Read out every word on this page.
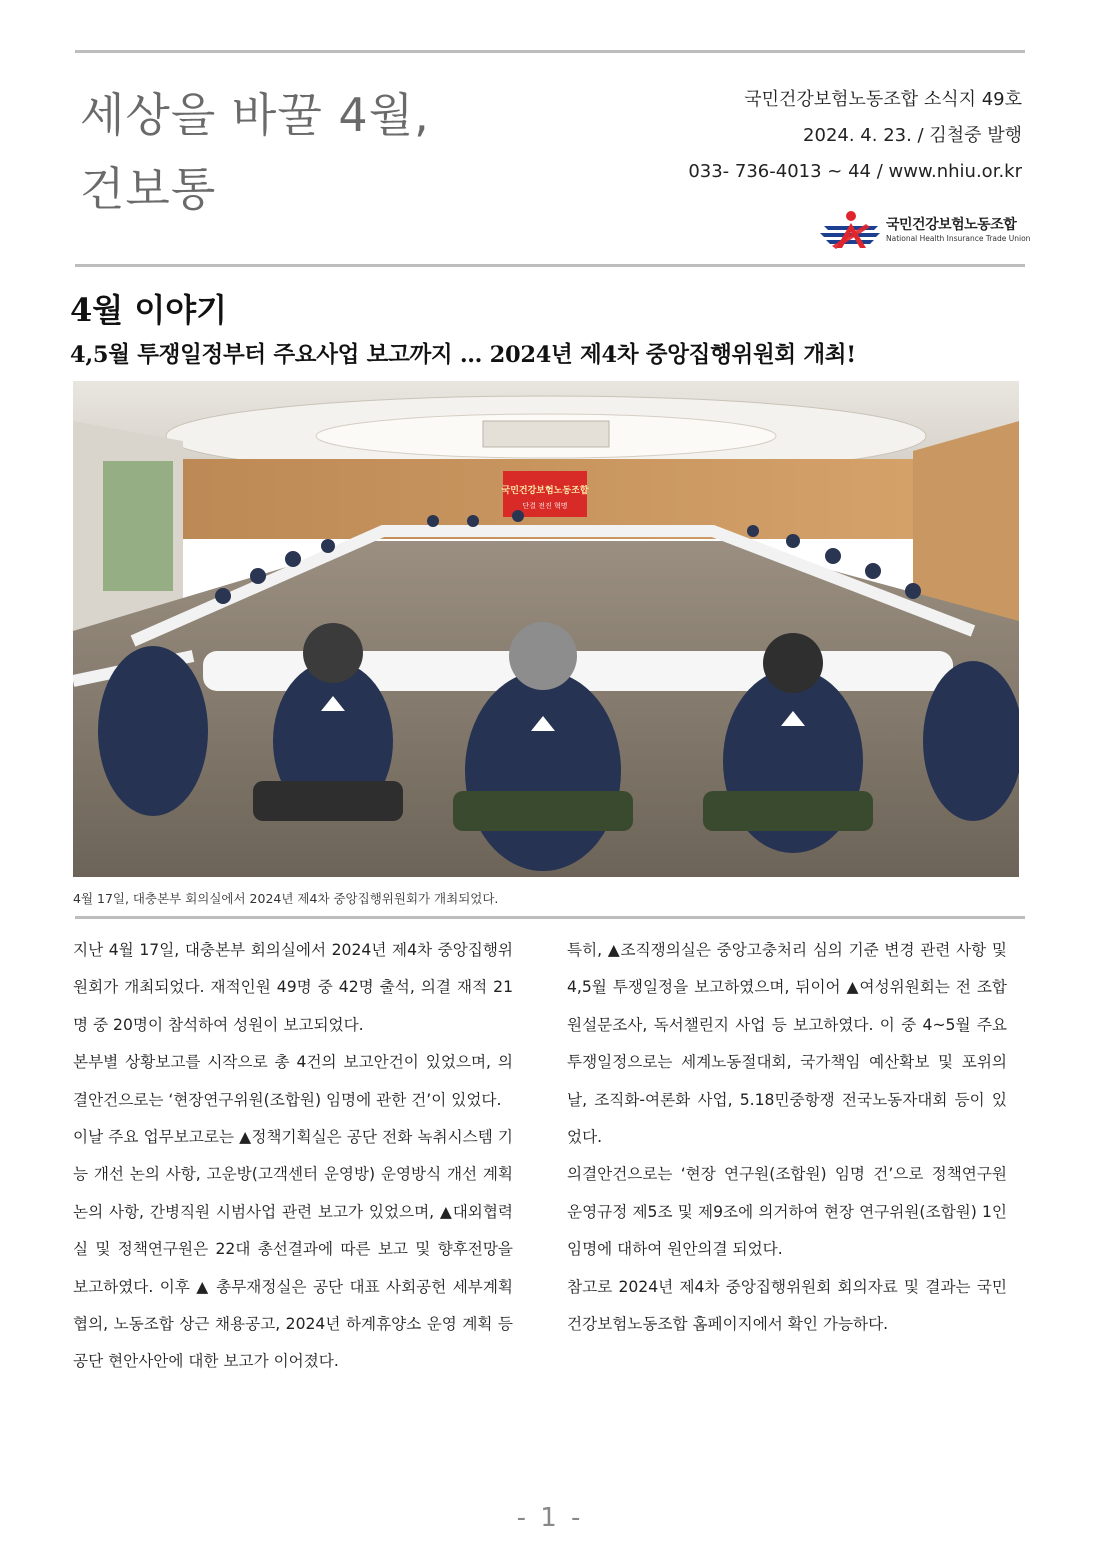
세상을 바꿀 4월,
건보통
국민건강보험노동조합 소식지 49호
2024. 4. 23. / 김철중 발행
033- 736-4013 ~ 44 / www.nhiu.or.kr
국민건강보험노동조합
National Health Insurance Trade Union
4월 이야기
4,5월 투쟁일정부터 주요사업 보고까지 … 2024년 제4차 중앙집행위원회 개최!
국민건강보험노동조합
단결 전진 혁명
4월 17일, 대충본부 회의실에서 2024년 제4차 중앙집행위원회가 개최되었다.

지난 4월 17일, 대충본부 회의실에서 2024년 제4차 중앙집행위원회가 개최되었다. 재적인원 49명 중 42명 출석, 의결 재적 21명 중 20명이 참석하여 성원이 보고되었다.

본부별 상황보고를 시작으로 총 4건의 보고안건이 있었으며, 의결안건으로는 ‘현장연구위원(조합원) 임명에 관한 건’이 있었다.

이날 주요 업무보고로는 ▲정책기획실은 공단 전화 녹취시스템 기능 개선 논의 사항, 고운방(고객센터 운영방) 운영방식 개선 계획 논의 사항, 간병직원 시범사업 관련 보고가 있었으며, ▲대외협력실 및 정책연구원은 22대 총선결과에 따른 보고 및 향후전망을 보고하였다. 이후 ▲ 총무재정실은 공단 대표 사회공헌 세부계획 협의, 노동조합 상근 채용공고, 2024년 하계휴양소 운영 계획 등 공단 현안사안에 대한 보고가 이어졌다.

특히, ▲조직쟁의실은 중앙고충처리 심의 기준 변경 관련 사항 및 4,5월 투쟁일정을 보고하였으며, 뒤이어 ▲여성위원회는 전 조합원설문조사, 독서챌린지 사업 등 보고하였다. 이 중 4~5월 주요 투쟁일정으로는 세계노동절대회, 국가책임 예산확보 및 포위의 날, 조직화-여론화 사업, 5.18민중항쟁 전국노동자대회 등이 있었다.

의결안건으로는 ‘현장 연구원(조합원) 임명 건’으로 정책연구원 운영규정 제5조 및 제9조에 의거하여 현장 연구위원(조합원) 1인 임명에 대하여 원안의결 되었다.

참고로 2024년 제4차 중앙집행위원회 회의자료 및 결과는 국민건강보험노동조합 홈페이지에서 확인 가능하다.

- 1 -
